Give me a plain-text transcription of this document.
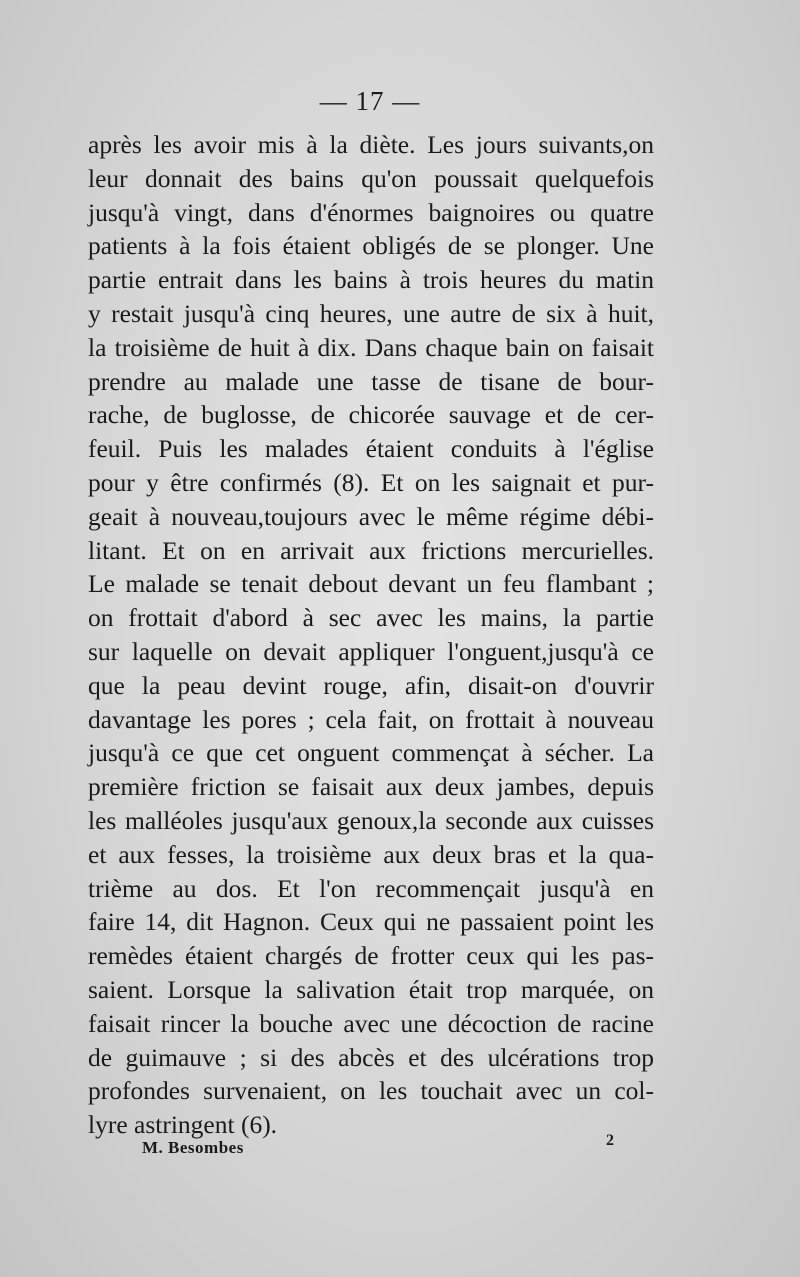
— 17 —
après les avoir mis à la diète. Les jours suivants,on
leur donnait des bains qu'on poussait quelquefois
jusqu'à vingt, dans d'énormes baignoires ou quatre
patients à la fois étaient obligés de se plonger. Une
partie entrait dans les bains à trois heures du matin
y restait jusqu'à cinq heures, une autre de six à huit,
la troisième de huit à dix. Dans chaque bain on faisait
prendre au malade une tasse de tisane de bour-
rache, de buglosse, de chicorée sauvage et de cer-
feuil. Puis les malades étaient conduits à l'église
pour y être confirmés (8). Et on les saignait et pur-
geait à nouveau,toujours avec le même régime débi-
litant. Et on en arrivait aux frictions mercurielles.
Le malade se tenait debout devant un feu flambant ;
on frottait d'abord à sec avec les mains, la partie
sur laquelle on devait appliquer l'onguent,jusqu'à ce
que la peau devint rouge, afin, disait-on d'ouvrir
davantage les pores ; cela fait, on frottait à nouveau
jusqu'à ce que cet onguent commençat à sécher. La
première friction se faisait aux deux jambes, depuis
les malléoles jusqu'aux genoux,la seconde aux cuisses
et aux fesses, la troisième aux deux bras et la qua-
trième au dos. Et l'on recommençait jusqu'à en
faire 14, dit Hagnon. Ceux qui ne passaient point les
remèdes étaient chargés de frotter ceux qui les pas-
saient. Lorsque la salivation était trop marquée, on
faisait rincer la bouche avec une décoction de racine
de guimauve ; si des abcès et des ulcérations trop
profondes survenaient, on les touchait avec un col-
lyre astringent (6).
M. Besombes	2
